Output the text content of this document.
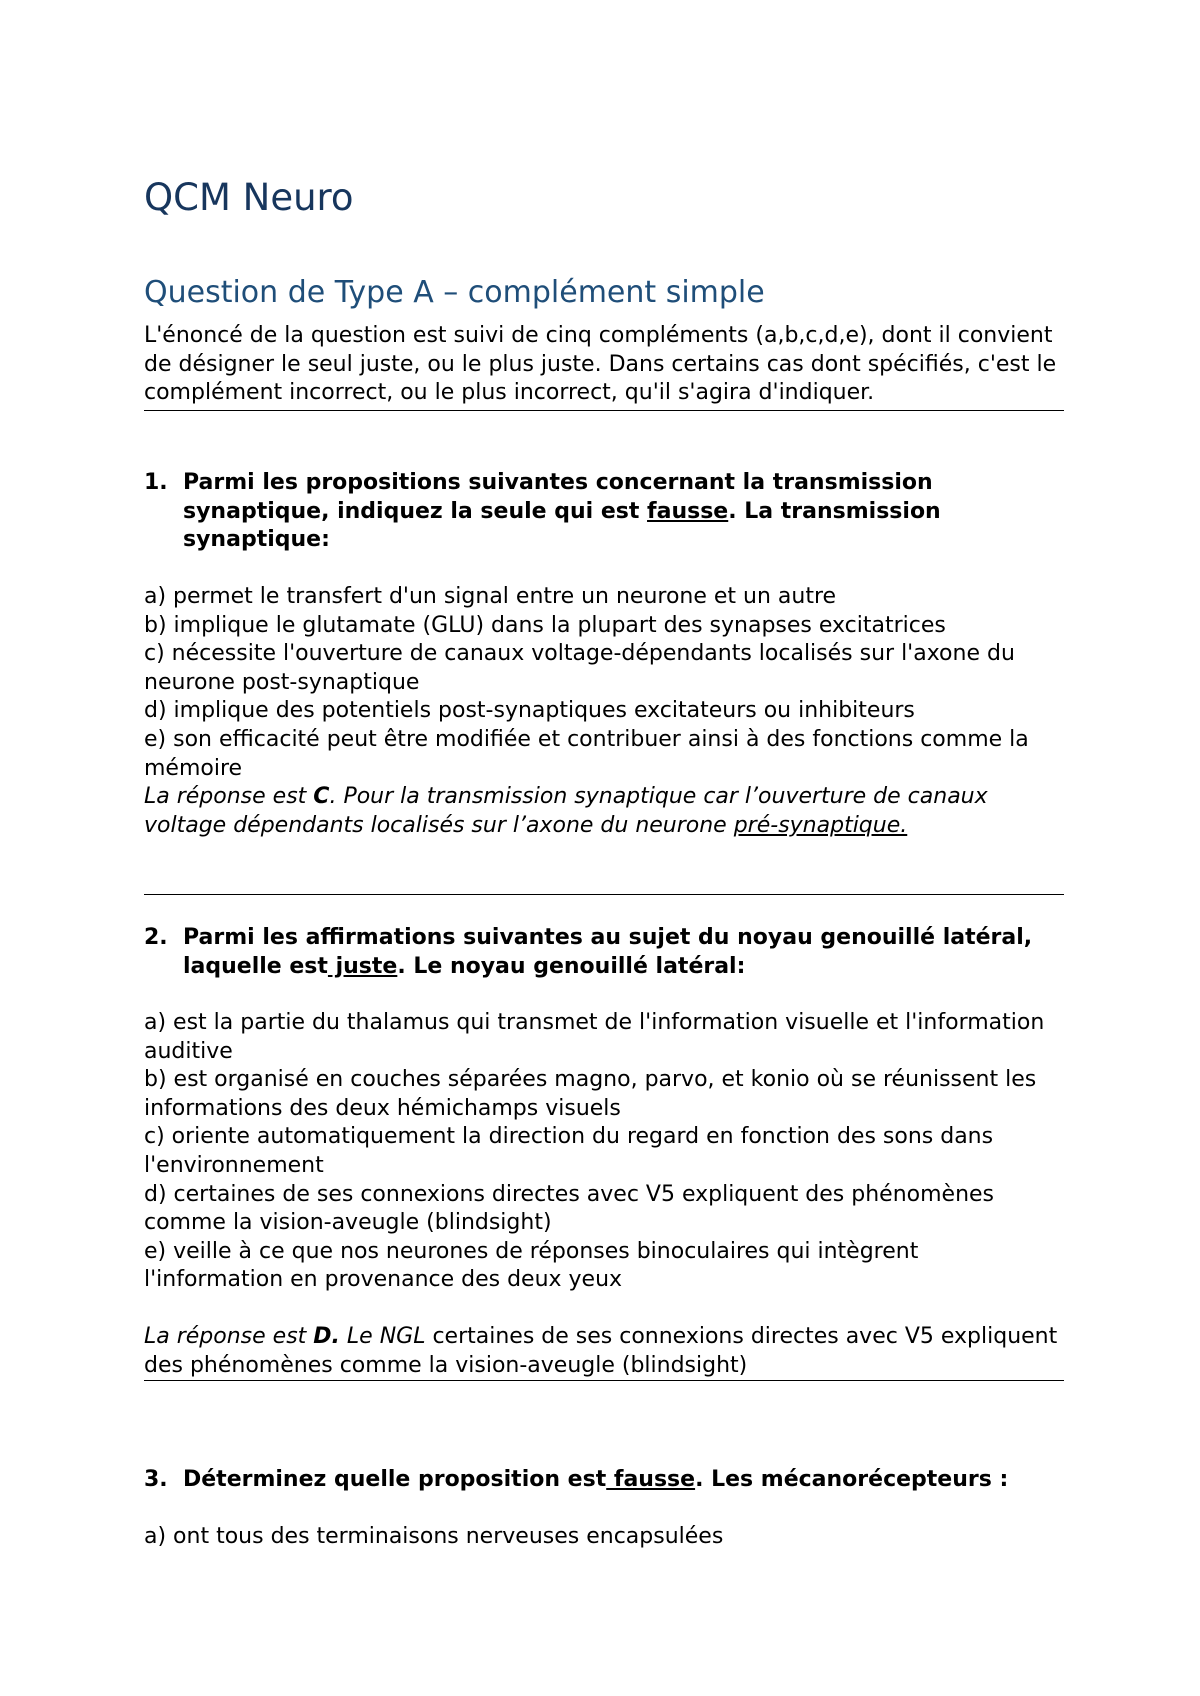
QCM Neuro
Question de Type A – complément simple
L'énoncé de la question est suivi de cinq compléments (a,b,c,d,e), dont il convient de désigner le seul juste, ou le plus juste. Dans certains cas dont spécifiés, c'est le complément incorrect, ou le plus incorrect, qu'il s'agira d'indiquer.
1. Parmi les propositions suivantes concernant la transmission synaptique, indiquez la seule qui est fausse. La transmission synaptique:
a) permet le transfert d'un signal entre un neurone et un autre
b) implique le glutamate (GLU) dans la plupart des synapses excitatrices
c) nécessite l'ouverture de canaux voltage-dépendants localisés sur l'axone du neurone post-synaptique
d) implique des potentiels post-synaptiques excitateurs ou inhibiteurs
e) son efficacité peut être modifiée et contribuer ainsi à des fonctions comme la mémoire
La réponse est C. Pour la transmission synaptique car l’ouverture de canaux voltage dépendants localisés sur l’axone du neurone pré-synaptique.
2. Parmi les affirmations suivantes au sujet du noyau genouillé latéral, laquelle est juste. Le noyau genouillé latéral:
a) est la partie du thalamus qui transmet de l'information visuelle et l'information auditive
b) est organisé en couches séparées magno, parvo, et konio où se réunissent les informations des deux hémichamps visuels
c) oriente automatiquement la direction du regard en fonction des sons dans l'environnement
d) certaines de ses connexions directes avec V5 expliquent des phénomènes comme la vision-aveugle (blindsight)
e) veille à ce que nos neurones de réponses binoculaires qui intègrent l'information en provenance des deux yeux
La réponse est D. Le NGL certaines de ses connexions directes avec V5 expliquent des phénomènes comme la vision-aveugle (blindsight)
3. Déterminez quelle proposition est fausse. Les mécanorécepteurs :
a) ont tous des terminaisons nerveuses encapsulées
